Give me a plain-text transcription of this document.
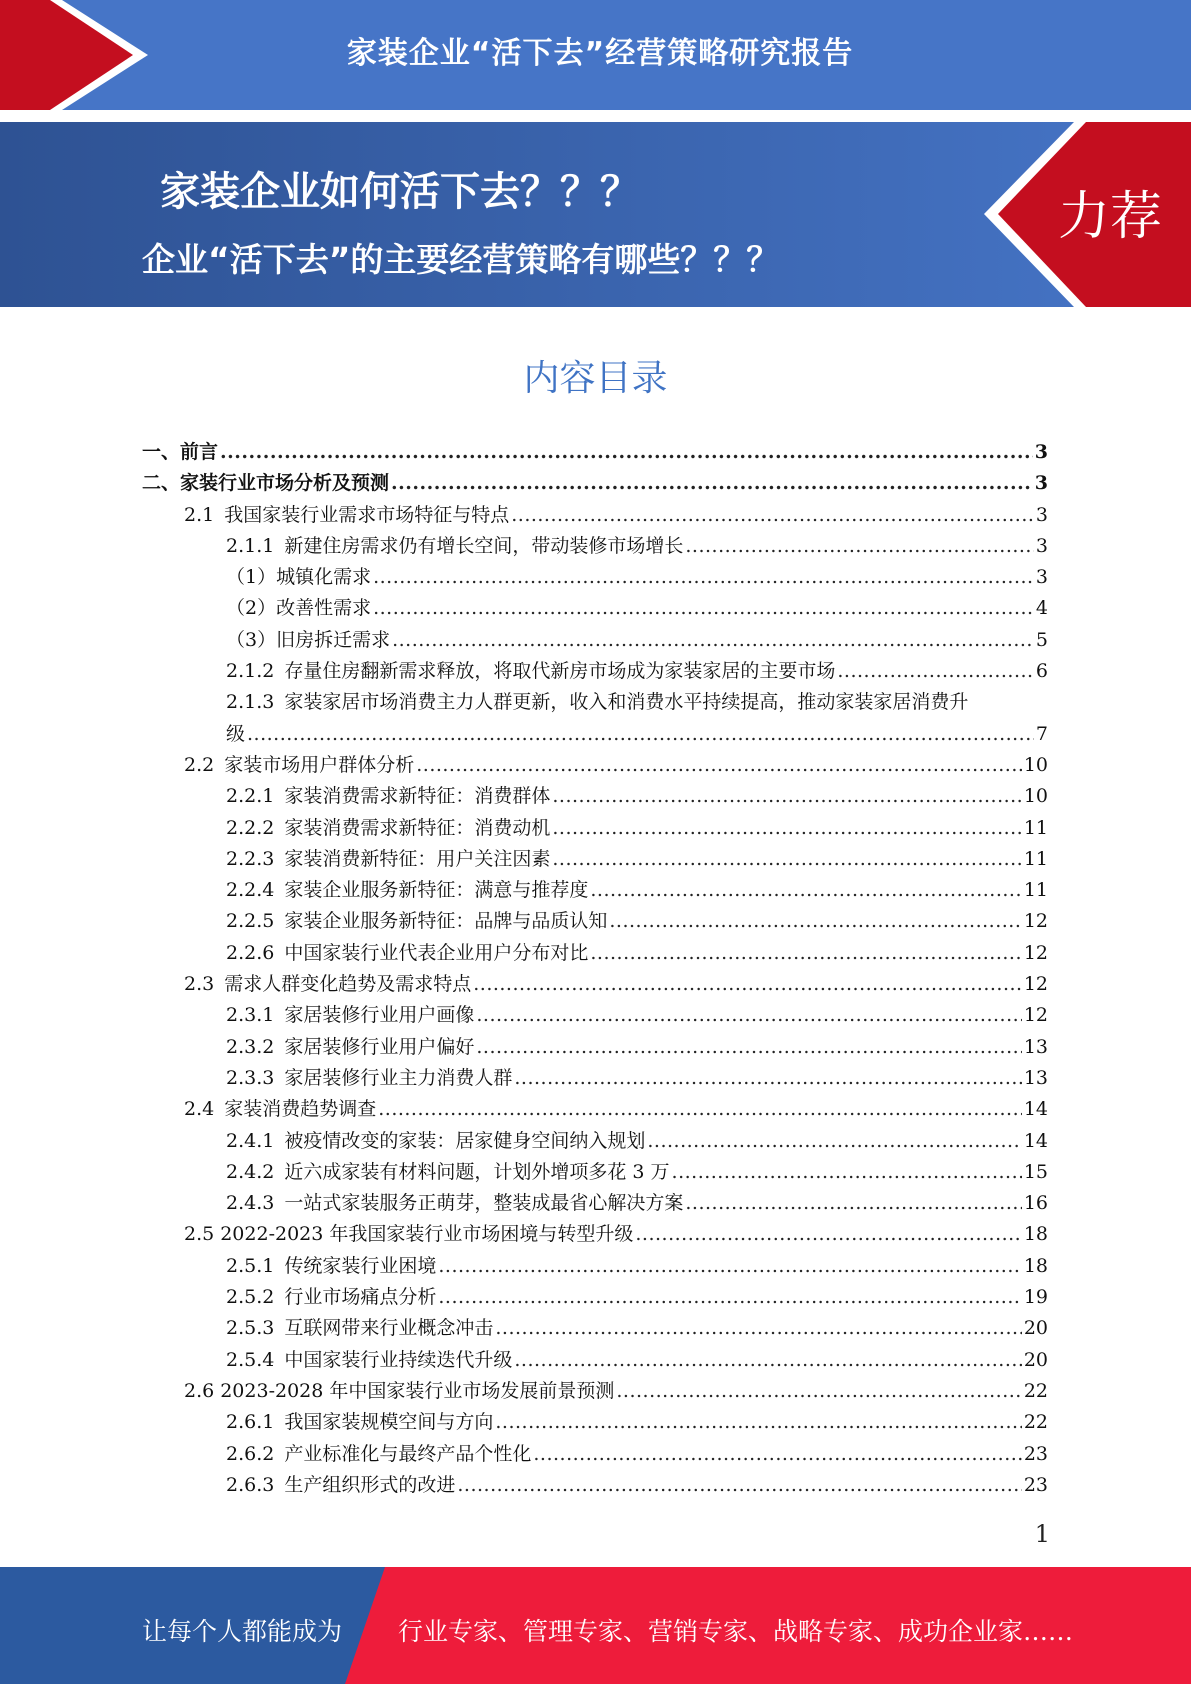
家装企业“活下去”经营策略研究报告
家装企业如何活下去？？？
企业“活下去”的主要经营策略有哪些？？？
力荐
内容目录
一、 前言 .....	3
二、 家装行业市场分析及预测 .....	3
2.1 我国家装行业需求市场特征与特点 .....	3
2.1.1 新建住房需求仍有增长空间，带动装修市场增长 .....	3
（1）城镇化需求 .....	3
（2）改善性需求 .....	4
（3）旧房拆迁需求 .....	5
2.1.2 存量住房翻新需求释放，将取代新房市场成为家装家居的主要市场 .....	6
2.1.3 家装家居市场消费主力人群更新，收入和消费水平持续提高，推动家装家居消费升
级 .....	7
2.2 家装市场用户群体分析 .....	10
2.2.1 家装消费需求新特征：消费群体 .....	10
2.2.2 家装消费需求新特征：消费动机 .....	11
2.2.3 家装消费新特征：用户关注因素 .....	11
2.2.4 家装企业服务新特征：满意与推荐度 .....	11
2.2.5 家装企业服务新特征：品牌与品质认知 .....	12
2.2.6 中国家装行业代表企业用户分布对比 .....	12
2.3 需求人群变化趋势及需求特点 .....	12
2.3.1 家居装修行业用户画像 .....	12
2.3.2 家居装修行业用户偏好 .....	13
2.3.3 家居装修行业主力消费人群 .....	13
2.4 家装消费趋势调查 .....	14
2.4.1 被疫情改变的家装：居家健身空间纳入规划 .....	14
2.4.2 近六成家装有材料问题，计划外增项多花 3 万 .....	15
2.4.3 一站式家装服务正萌芽，整装成最省心解决方案 .....	16
2.5 2022-2023 年我国家装行业市场困境与转型升级 .....	18
2.5.1 传统家装行业困境 .....	18
2.5.2 行业市场痛点分析 .....	19
2.5.3 互联网带来行业概念冲击 .....	20
2.5.4 中国家装行业持续迭代升级 .....	20
2.6 2023-2028 年中国家装行业市场发展前景预测 .....	22
2.6.1 我国家装规模空间与方向 .....	22
2.6.2 产业标准化与最终产品个性化 .....	23
2.6.3 生产组织形式的改进 .....	23
1
让每个人都能成为 行业专家、管理专家、营销专家、战略专家、成功企业家……
